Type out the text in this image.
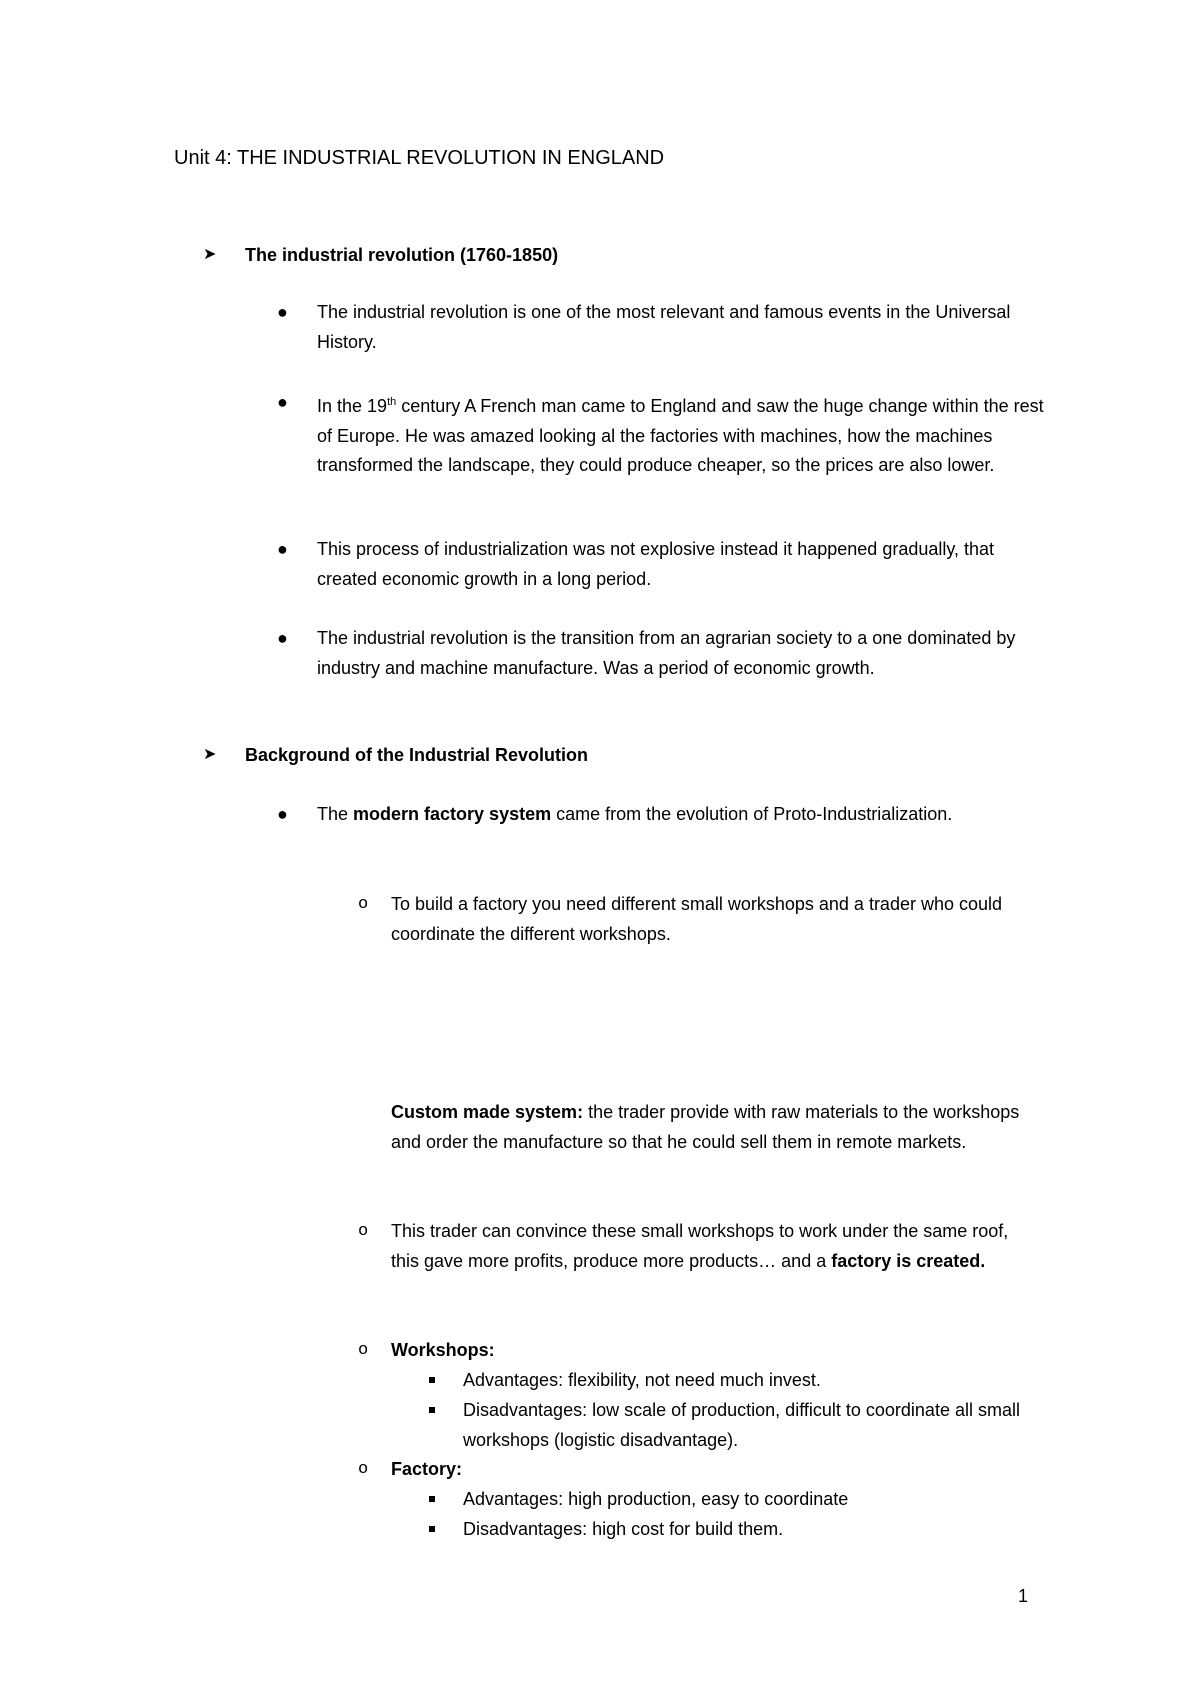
Unit 4: THE INDUSTRIAL REVOLUTION IN ENGLAND
➤ The industrial revolution (1760-1850)
● The industrial revolution is one of the most relevant and famous events in the Universal History.

● In the 19th century A French man came to England and saw the huge change within the rest of Europe. He was amazed looking al the factories with machines, how the machines transformed the landscape, they could produce cheaper, so the prices are also lower.

● This process of industrialization was not explosive instead it happened gradually, that created economic growth in a long period.

● The industrial revolution is the transition from an agrarian society to a one dominated by industry and machine manufacture. Was a period of economic growth.

➤ Background of the Industrial Revolution
● The modern factory system came from the evolution of Proto-Industrialization.

o To build a factory you need different small workshops and a trader who could coordinate the different workshops.

Custom made system: the trader provide with raw materials to the workshops and order the manufacture so that he could sell them in remote markets.

o This trader can convince these small workshops to work under the same roof, this gave more profits, produce more products… and a factory is created.

o Workshops:

Advantages: flexibility, not need much invest.
Disadvantages: low scale of production, difficult to coordinate all small workshops (logistic disadvantage).
o Factory:

Advantages: high production, easy to coordinate
Disadvantages: high cost for build them.
1
